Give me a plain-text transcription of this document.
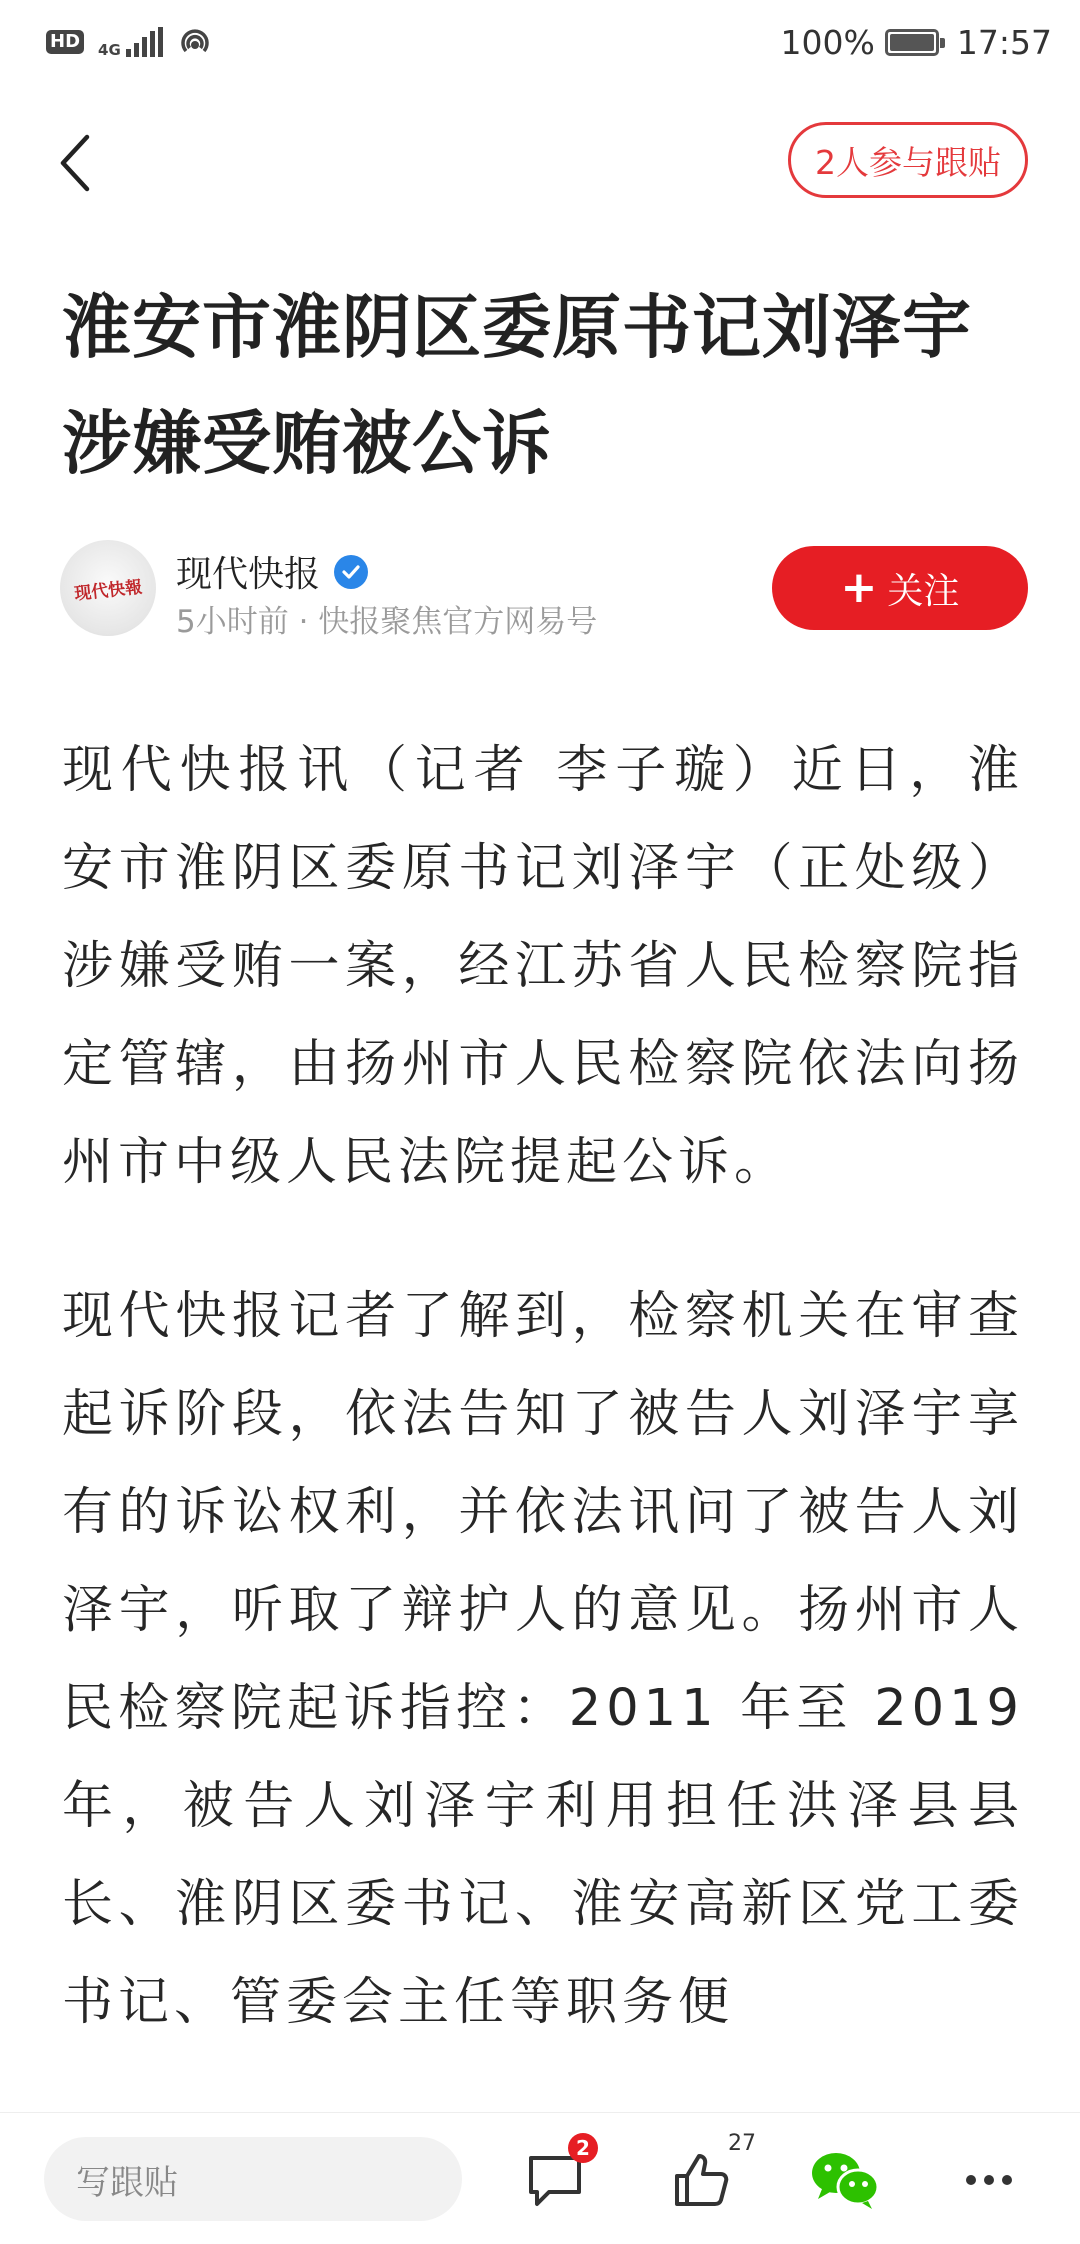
HD 4G	100% 17:57
2人参与跟贴
淮安市淮阴区委原书记刘泽宇涉嫌受贿被公诉
现代快報 现代快报
5小时前 · 快报聚焦官方网易号
+ 关注

现代快报讯（记者 李子璇）近日，淮安市淮阴区委原书记刘泽宇（正处级）涉嫌受贿一案，经江苏省人民检察院指定管辖，由扬州市人民检察院依法向扬州市中级人民法院提起公诉。

现代快报记者了解到，检察机关在审查起诉阶段，依法告知了被告人刘泽宇享有的诉讼权利，并依法讯问了被告人刘泽宇，听取了辩护人的意见。扬州市人民检察院起诉指控：2011 年至 2019 年，被告人刘泽宇利用担任洪泽县县长、淮阴区委书记、淮安高新区党工委书记、管委会主任等职务便

写跟贴
2	27
